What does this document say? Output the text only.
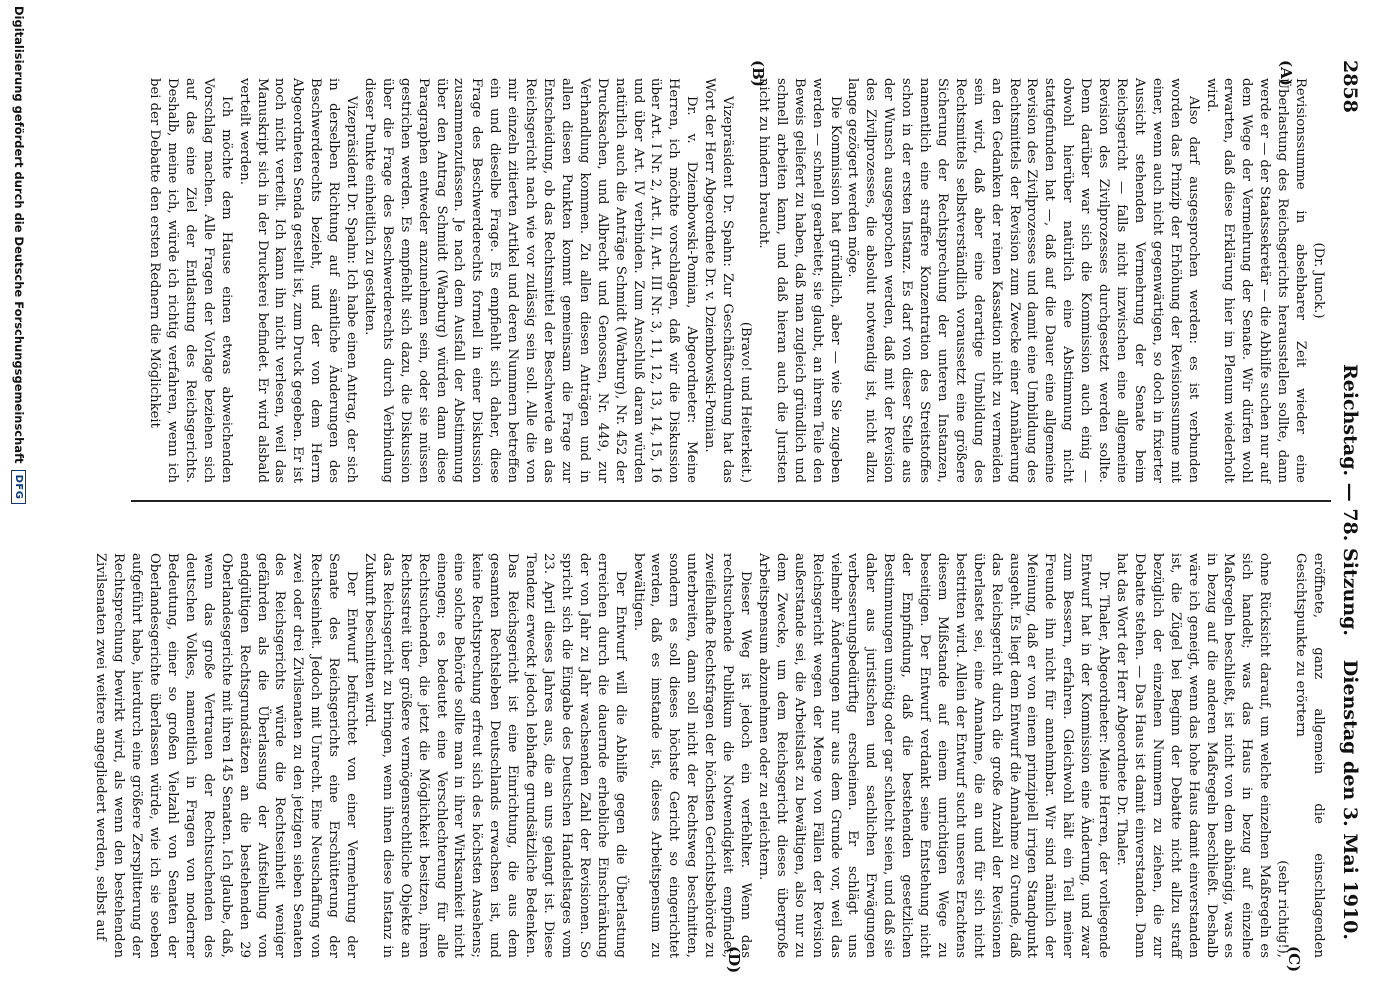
2858
Reichstag. — 78. Sitzung.
Dienstag den 3. Mai 1910.
(A)
(B)
(C)
(D)

(Dr. Junck.)

Revisionssumme in absehbarer Zeit wieder eine Überlastung des Reichsgerichts herausstellen sollte, dann werde er — der Staatssekretär — die Abhilfe suchen nur auf dem Wege der Vermehrung der Senate. Wir dürfen wohl erwarten, daß diese Erklärung hier im Plenum wiederholt wird.

Also darf ausgesprochen werden: es ist verbunden worden das Prinzip der Erhöhung der Revisionssumme mit einer, wenn auch nicht gegenwärtigen, so doch in fixierter Aussicht stehenden Vermehrung der Senate beim Reichsgericht — falls nicht inzwischen eine allgemeine Revision des Zivilprozesses durchgesetzt werden sollte. Denn darüber war sich die Kommission auch einig — obwohl hierüber natürlich eine Abstimmung nicht stattgefunden hat —, daß auf die Dauer eine allgemeine Revision des Zivilprozesses und damit eine Umbildung des Rechtsmittels der Revision zum Zwecke einer Annäherung an den Gedanken der reinen Kassation nicht zu vermeiden sein wird, daß aber eine derartige Umbildung des Rechtsmittels selbstverständlich voraussetzt eine größere Sicherung der Rechtsprechung der unteren Instanzen, namentlich eine straffere Konzentration des Streitstoffes schon in der ersten Instanz. Es darf von dieser Stelle aus der Wunsch ausgesprochen werden, daß mit der Revision des Zivilprozesses, die absolut notwendig ist, nicht allzu lange gezögert werden möge.

Die Kommission hat gründlich, aber — wie Sie zugeben werden — schnell gearbeitet; sie glaubt, an ihrem Teile den Beweis geliefert zu haben, daß man zugleich gründlich und schnell arbeiten kann, und daß hieran auch die Juristen nicht zu hindern braucht.

(Bravo! und Heiterkeit.)

Vizepräsident Dr. Spahn: Zur Geschäftsordnung hat das Wort der Herr Abgeordnete Dr. v. Dziembowski-Pomian.

Dr. v. Dziembowski-Pomian, Abgeordneter: Meine Herren, ich möchte vorschlagen, daß wir die Diskussion über Art. I Nr. 2, Art. II, Art. III Nr. 3, 11, 12, 13, 14, 15, 16 und über Art. IV verbinden. Zum Anschluß daran würden natürlich auch die Anträge Schmidt (Warburg), Nr. 452 der Drucksachen, und Albrecht und Genossen, Nr. 449, zur Verhandlung kommen. Zu allen diesen Anträgen und in allen diesen Punkten kommt gemeinsam die Frage zur Entscheidung, ob das Rechtsmittel der Beschwerde an das Reichsgericht nach wie vor zulässig sein soll. Alle die von mir einzeln zitierten Artikel und deren Nummern betreffen ein und dieselbe Frage. Es empfiehlt sich daher, diese Frage des Beschwerderechts formell in einer Diskussion zusammenzufassen. Je nach dem Ausfall der Abstimmung über den Antrag Schmidt (Warburg) würden dann diese Paragraphen entweder anzunehmen sein, oder sie müssen gestrichen werden. Es empfiehlt sich dazu, die Diskussion über die Frage des Beschwerderechts durch Verbindung dieser Punkte einheitlich zu gestalten.

Vizepräsident Dr. Spahn: Ich habe einen Antrag, der sich in derselben Richtung auf sämtliche Änderungen des Beschwerderechts bezieht, und der von dem Herrn Abgeordneten Senda gestellt ist, zum Druck gegeben. Er ist noch nicht verteilt. Ich kann ihn nicht verlesen, weil das Manuskript sich in der Druckerei befindet. Er wird alsbald verteilt werden.

Ich möchte dem Hause einen etwas abweichenden Vorschlag machen. Alle Fragen der Vorlage beziehen sich auf das eine Ziel der Entlastung des Reichsgerichts. Deshalb, meine ich, würde ich richtig verfahren, wenn ich bei der Debatte den ersten Rednern die Möglichkeit

eröffnete, ganz allgemein die einschlagenden Gesichtspunkte zu erörtern

(sehr richtig!),

ohne Rücksicht darauf, um welche einzelnen Maßregeln es sich handelt; was das Haus in bezug auf einzelne Maßregeln beschließt, ist nicht von dem abhängig, was es in bezug auf die anderen Maßregeln beschließt. Deshalb wäre ich geneigt, wenn das hohe Haus damit einverstanden ist, die Zügel bei Beginn der Debatte nicht allzu straff bezüglich der einzelnen Nummern zu ziehen, die zur Debatte stehen. — Das Haus ist damit einverstanden. Dann hat das Wort der Herr Abgeordnete Dr. Thaler.

Dr. Thaler, Abgeordneter: Meine Herren, der vorliegende Entwurf hat in der Kommission eine Änderung, und zwar zum Bessern, erfahren. Gleichwohl hält ein Teil meiner Freunde ihn nicht für annehmbar. Wir sind nämlich der Meinung, daß er von einem prinzipiell irrigen Standpunkt ausgeht. Es liegt dem Entwurf die Annahme zu Grunde, daß das Reichsgericht durch die große Anzahl der Revisionen überlastet sei, eine Annahme, die an und für sich nicht bestritten wird. Allein der Entwurf sucht unseres Erachtens diesem Mißstande auf einem unrichtigen Wege zu beseitigen. Der Entwurf verdankt seine Entstehung nicht der Empfindung, daß die bestehenden gesetzlichen Bestimmungen unnötig oder gar schlecht seien, und daß sie daher aus juristischen und sachlichen Erwägungen verbesserungsbedürftig erscheinen. Er schlägt uns vielmehr Änderungen nur aus dem Grunde vor, weil das Reichsgericht wegen der Menge von Fällen der Revision außerstande sei, die Arbeitslast zu bewältigen, also nur zu dem Zwecke, um dem Reichsgericht dieses übergroße Arbeitspensum abzunehmen oder zu erleichtern.

Dieser Weg ist jedoch ein verfehlter. Wenn das rechtsuchende Publikum die Notwendigkeit empfindet, zweifelhafte Rechtsfragen der höchsten Gerichtsbehörde zu unterbreiten, dann soll nicht der Rechtsweg beschnitten, sondern es soll dieses höchste Gericht so eingerichtet werden, daß es imstande ist, dieses Arbeitspensum zu bewältigen.

Der Entwurf will die Abhilfe gegen die Überlastung erreichen durch die dauernde erhebliche Einschränkung der von Jahr zu Jahr wachsenden Zahl der Revisionen. So spricht sich die Eingabe des Deutschen Handelstages vom 23. April dieses Jahres aus, die an uns gelangt ist. Diese Tendenz erweckt jedoch lebhafte grundsätzliche Bedenken. Das Reichsgericht ist eine Einrichtung, die aus dem gesamten Rechtsleben Deutschlands erwachsen ist, und keine Rechtsprechung erfreut sich des höchsten Ansehens; eine solche Behörde sollte man in ihrer Wirksamkeit nicht einengen; es bedeutet eine Verschlechterung für alle Rechtsuchenden, die jetzt die Möglichkeit besitzen, ihren Rechtsstreit über größere vermögensrechtliche Objekte an das Reichsgericht zu bringen, wenn ihnen diese Instanz in Zukunft beschnitten wird.

Der Entwurf befürchtet von einer Vermehrung der Senate des Reichsgerichts eine Erschütterung der Rechtseinheit. Jedoch mit Unrecht. Eine Neuschaffung von zwei oder drei Zivilsenaten zu den jetzigen sieben Senaten des Reichsgerichts würde die Rechtseinheit weniger gefährden als die Überlassung der Aufstellung von endgültigen Rechtsgrundsätzen an die bestehenden 29 Oberlandesgerichte mit ihren 145 Senaten. Ich glaube, daß, wenn das große Vertrauen der Rechtsuchenden des deutschen Volkes, namentlich in Fragen von moderner Bedeutung, einer so großen Vielzahl von Senaten der Oberlandesgerichte überlassen würde, wie ich sie soeben aufgeführt habe, hierdurch eine größere Zersplitterung der Rechtsprechung bewirkt wird, als wenn den bestehenden Zivilsenaten zwei weitere angegliedert werden, selbst auf

Digitalisierung gefördert durch die Deutsche Forschungsgemeinschaft
DFG
